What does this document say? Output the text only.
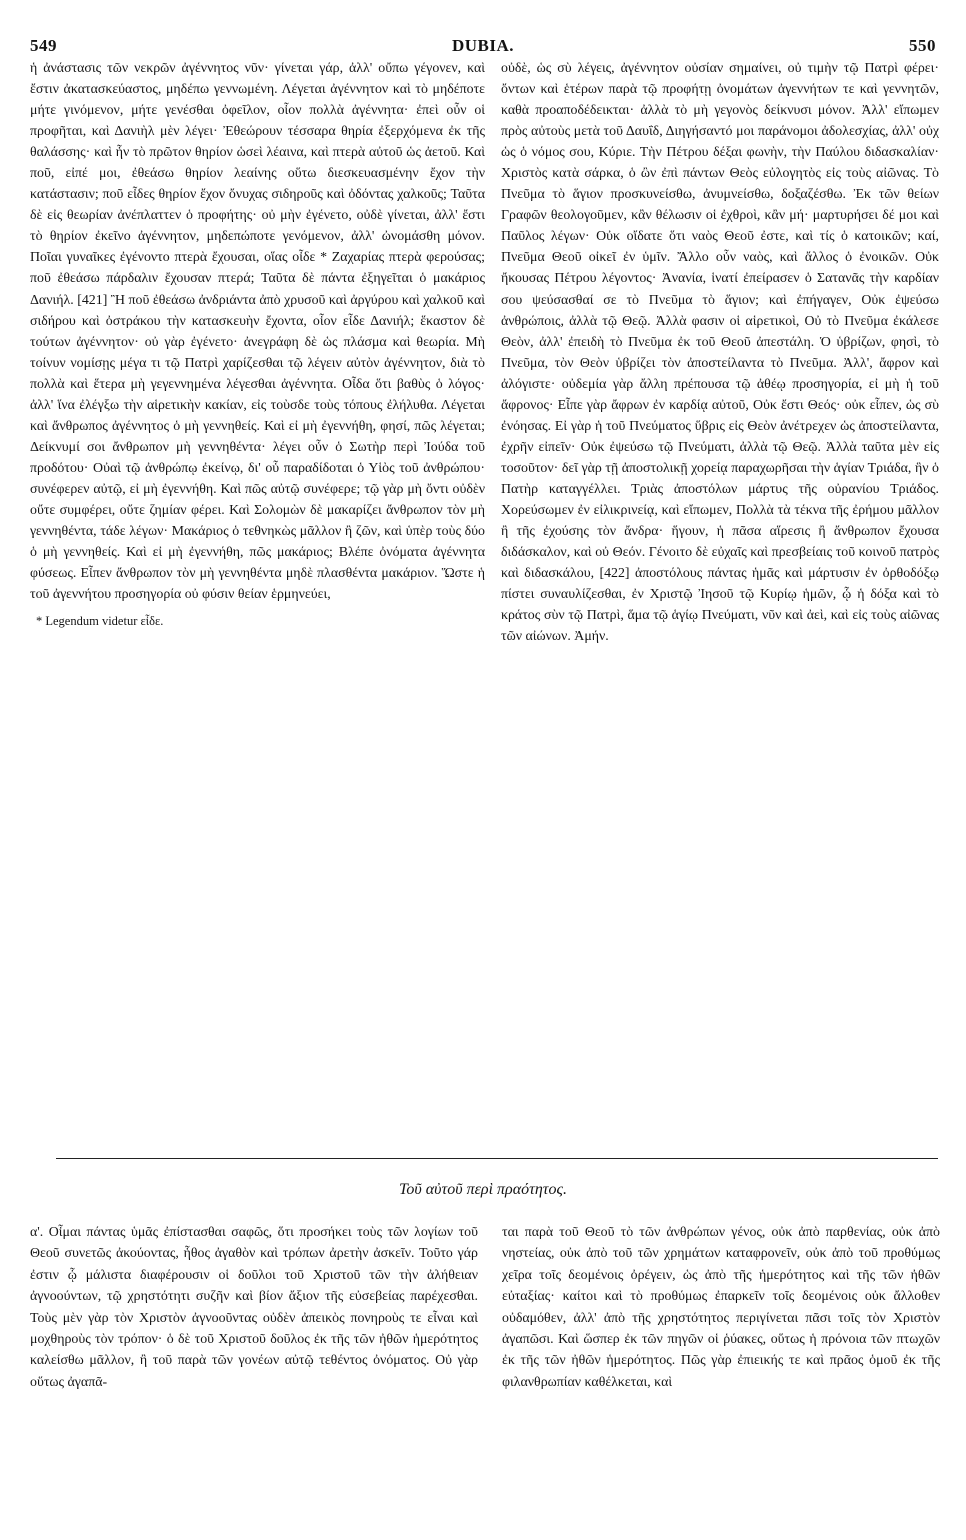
549	DUBIA.	550

ἡ ἀνάστασις τῶν νεκρῶν ἀγέννητος νῦν· γίνεται γάρ, ἀλλ' οὔπω γέγονεν, καὶ ἔστιν ἀκατασκεύαστος, μηδέπω γεννωμένη. Λέγεται ἀγέννητον καὶ τὸ μηδέποτε μήτε γινόμενον, μήτε γενέσθαι ὀφεῖλον, οἷον πολλὰ ἀγέννητα· ἐπεὶ οὖν οἱ προφῆται, καὶ Δανιὴλ μὲν λέγει· Ἐθεώρουν τέσσαρα θηρία ἐξερχόμενα ἐκ τῆς θαλάσσης· καὶ ἦν τὸ πρῶτον θηρίον ὡσεὶ λέαινα, καὶ πτερὰ αὐτοῦ ὡς ἀετοῦ. Καὶ ποῦ, εἰπέ μοι, ἐθεάσω θηρίον λεαίνης οὕτω διεσκευασμένην ἔχον τὴν κατάστασιν; ποῦ εἶδες θηρίον ἔχον ὄνυχας σιδηροῦς καὶ ὀδόντας χαλκοῦς; Ταῦτα δὲ εἰς θεωρίαν ἀνέπλαττεν ὁ προφήτης· οὐ μὴν ἐγένετο, οὐδὲ γίνεται, ἀλλ' ἔστι τὸ θηρίον ἐκεῖνο ἀγέννητον, μηδεπώποτε γενόμενον, ἀλλ' ὠνομάσθη μόνον. Ποῖαι γυναῖκες ἐγένοντο πτερὰ ἔχουσαι, οἵας οἶδε * Ζαχαρίας πτερὰ φερούσας; ποῦ ἐθεάσω πάρδαλιν ἔχουσαν πτερά; Ταῦτα δὲ πάντα ἐξηγεῖται ὁ μακάριος Δανιήλ. [421] Ἢ ποῦ ἐθεάσω ἀνδριάντα ἀπὸ χρυσοῦ καὶ ἀργύρου καὶ χαλκοῦ καὶ σιδήρου καὶ ὀστράκου τὴν κατασκευὴν ἔχοντα, οἷον εἶδε Δανιήλ; ἕκαστον δὲ τούτων ἀγέννητον· οὐ γὰρ ἐγένετο· ἀνεγράφη δὲ ὡς πλάσμα καὶ θεωρία. Μὴ τοίνυν νομίσῃς μέγα τι τῷ Πατρὶ χαρίζεσθαι τῷ λέγειν αὐτὸν ἀγέννητον, διὰ τὸ πολλὰ καὶ ἕτερα μὴ γεγεννημένα λέγεσθαι ἀγέννητα. Οἶδα ὅτι βαθὺς ὁ λόγος· ἀλλ' ἵνα ἐλέγξω τὴν αἱρετικὴν κακίαν, εἰς τοὺσδε τοὺς τόπους ἐλήλυθα. Λέγεται καὶ ἄνθρωπος ἀγέννητος ὁ μὴ γεννηθείς. Καὶ εἰ μὴ ἐγεννήθη, φησί, πῶς λέγεται; Δείκνυμί σοι ἄνθρωπον μὴ γεννηθέντα· λέγει οὖν ὁ Σωτὴρ περὶ Ἰούδα τοῦ προδότου· Οὐαὶ τῷ ἀνθρώπῳ ἐκείνῳ, δι' οὗ παραδίδοται ὁ Υἱὸς τοῦ ἀνθρώπου· συνέφερεν αὐτῷ, εἰ μὴ ἐγεννήθη. Καὶ πῶς αὐτῷ συνέφερε; τῷ γὰρ μὴ ὄντι οὐδὲν οὔτε συμφέρει, οὔτε ζημίαν φέρει. Καὶ Σολομὼν δὲ μακαρίζει ἄνθρωπον τὸν μὴ γεννηθέντα, τάδε λέγων· Μακάριος ὁ τεθνηκὼς μᾶλλον ἢ ζῶν, καὶ ὑπὲρ τοὺς δύο ὁ μὴ γεννηθείς. Καὶ εἰ μὴ ἐγεννήθη, πῶς μακάριος; Βλέπε ὀνόματα ἀγέννητα φύσεως. Εἶπεν ἄνθρωπον τὸν μὴ γεννηθέντα μηδὲ πλασθέντα μακάριον. Ὥστε ἡ τοῦ ἀγεννήτου προσηγορία οὐ φύσιν θείαν ἑρμηνεύει,

* Legendum videtur εἶδε.

οὐδὲ, ὡς σὺ λέγεις, ἀγέννητον οὐσίαν σημαίνει, οὐ τιμὴν τῷ Πατρὶ φέρει· ὄντων καὶ ἑτέρων παρὰ τῷ προφήτῃ ὀνομάτων ἀγεννήτων τε καὶ γεννητῶν, καθὰ προαποδέδεικται· ἀλλὰ τὸ μὴ γεγονὸς δείκνυσι μόνον. Ἀλλ' εἴπωμεν πρὸς αὐτοὺς μετὰ τοῦ Δαυΐδ, Διηγήσαντό μοι παράνομοι ἀδολεσχίας, ἀλλ' οὐχ ὡς ὁ νόμος σου, Κύριε. Τὴν Πέτρου δέξαι φωνὴν, τὴν Παύλου διδασκαλίαν· Χριστὸς κατὰ σάρκα, ὁ ὢν ἐπὶ πάντων Θεὸς εὐλογητὸς εἰς τοὺς αἰῶνας. Τὸ Πνεῦμα τὸ ἅγιον προσκυνείσθω, ἀνυμνείσθω, δοξαζέσθω. Ἐκ τῶν θείων Γραφῶν θεολογοῦμεν, κἂν θέλωσιν οἱ ἐχθροὶ, κἂν μή· μαρτυρήσει δέ μοι καὶ Παῦλος λέγων· Οὐκ οἴδατε ὅτι ναὸς Θεοῦ ἐστε, καὶ τίς ὁ κατοικῶν; καί, Πνεῦμα Θεοῦ οἰκεῖ ἐν ὑμῖν. Ἄλλο οὖν ναὸς, καὶ ἄλλος ὁ ἐνοικῶν. Οὐκ ἤκουσας Πέτρου λέγοντος· Ἀνανία, ἱνατί ἐπείρασεν ὁ Σατανᾶς τὴν καρδίαν σου ψεύσασθαί σε τὸ Πνεῦμα τὸ ἅγιον; καὶ ἐπήγαγεν, Οὐκ ἐψεύσω ἀνθρώποις, ἀλλὰ τῷ Θεῷ. Ἀλλὰ φασιν οἱ αἱρετικοὶ, Οὐ τὸ Πνεῦμα ἐκάλεσε Θεὸν, ἀλλ' ἐπειδὴ τὸ Πνεῦμα ἐκ τοῦ Θεοῦ ἀπεστάλη. Ὁ ὑβρίζων, φησὶ, τὸ Πνεῦμα, τὸν Θεὸν ὑβρίζει τὸν ἀποστείλαντα τὸ Πνεῦμα. Ἀλλ', ἄφρον καὶ ἀλόγιστε· οὐδεμία γὰρ ἄλλη πρέπουσα τῷ ἀθέῳ προσηγορία, εἰ μὴ ἡ τοῦ ἄφρονος· Εἶπε γὰρ ἄφρων ἐν καρδίᾳ αὐτοῦ, Οὐκ ἔστι Θεός· οὐκ εἶπεν, ὡς σὺ ἐνόησας. Εἰ γὰρ ἡ τοῦ Πνεύματος ὕβρις εἰς Θεὸν ἀνέτρεχεν ὡς ἀποστείλαντα, ἐχρῆν εἰπεῖν· Οὐκ ἐψεύσω τῷ Πνεύματι, ἀλλὰ τῷ Θεῷ. Ἀλλὰ ταῦτα μὲν εἰς τοσοῦτον· δεῖ γὰρ τῇ ἀποστολικῇ χορείᾳ παραχωρῆσαι τὴν ἁγίαν Τριάδα, ἣν ὁ Πατὴρ καταγγέλλει. Τριὰς ἀποστόλων μάρτυς τῆς οὐρανίου Τριάδος. Χορεύσωμεν ἐν εἰλικρινείᾳ, καὶ εἴπωμεν, Πολλὰ τὰ τέκνα τῆς ἐρήμου μᾶλλον ἢ τῆς ἐχούσης τὸν ἄνδρα· ἥγουν, ἡ πᾶσα αἵρεσις ἢ ἄνθρωπον ἔχουσα διδάσκαλον, καὶ οὐ Θεόν. Γένοιτο δὲ εὐχαῖς καὶ πρεσβείαις τοῦ κοινοῦ πατρὸς καὶ διδασκάλου, [422] ἀποστόλους πάντας ἡμᾶς καὶ μάρτυσιν ἐν ὀρθοδόξῳ πίστει συναυλίζεσθαι, ἐν Χριστῷ Ἰησοῦ τῷ Κυρίῳ ἡμῶν, ᾧ ἡ δόξα καὶ τὸ κράτος σὺν τῷ Πατρὶ, ἅμα τῷ ἁγίῳ Πνεύματι, νῦν καὶ ἀεὶ, καὶ εἰς τοὺς αἰῶνας τῶν αἰώνων. Ἀμήν.

Τοῦ αὐτοῦ περὶ πραότητος.

α'. Οἶμαι πάντας ὑμᾶς ἐπίστασθαι σαφῶς, ὅτι προσήκει τοὺς τῶν λογίων τοῦ Θεοῦ συνετῶς ἀκούοντας, ἦθος ἀγαθὸν καὶ τρόπων ἀρετὴν ἀσκεῖν. Τοῦτο γάρ ἐστιν ᾧ μάλιστα διαφέρουσιν οἱ δοῦλοι τοῦ Χριστοῦ τῶν τὴν ἀλήθειαν ἀγνοούντων, τῷ χρηστότητι συζῆν καὶ βίον ἄξιον τῆς εὐσεβείας παρέχεσθαι. Τοὺς μὲν γὰρ τὸν Χριστὸν ἀγνοοῦντας οὐδὲν ἀπεικὸς πονηροὺς τε εἶναι καὶ μοχθηροὺς τὸν τρόπον· ὁ δὲ τοῦ Χριστοῦ δοῦλος ἐκ τῆς τῶν ἠθῶν ἡμερότητος καλείσθω μᾶλλον, ἢ τοῦ παρὰ τῶν γονέων αὐτῷ τεθέντος ὀνόματος. Οὐ γὰρ οὕτως ἀγαπᾶ-

ται παρὰ τοῦ Θεοῦ τὸ τῶν ἀνθρώπων γένος, οὐκ ἀπὸ παρθενίας, οὐκ ἀπὸ νηστείας, οὐκ ἀπὸ τοῦ τῶν χρημάτων καταφρονεῖν, οὐκ ἀπὸ τοῦ προθύμως χεῖρα τοῖς δεομένοις ὀρέγειν, ὡς ἀπὸ τῆς ἡμερότητος καὶ τῆς τῶν ἠθῶν εὐταξίας· καίτοι καὶ τὸ προθύμως ἐπαρκεῖν τοῖς δεομένοις οὐκ ἄλλοθεν οὐδαμόθεν, ἀλλ' ἀπὸ τῆς χρηστότητος περιγίνεται πᾶσι τοῖς τὸν Χριστὸν ἀγαπῶσι. Καὶ ὥσπερ ἐκ τῶν πηγῶν οἱ ῥύακες, οὕτως ἡ πρόνοια τῶν πτωχῶν ἐκ τῆς τῶν ἠθῶν ἡμερότητος. Πῶς γὰρ ἐπιεικής τε καὶ πρᾶος ὁμοῦ ἐκ τῆς φιλανθρωπίαν καθέλκεται, καὶ
